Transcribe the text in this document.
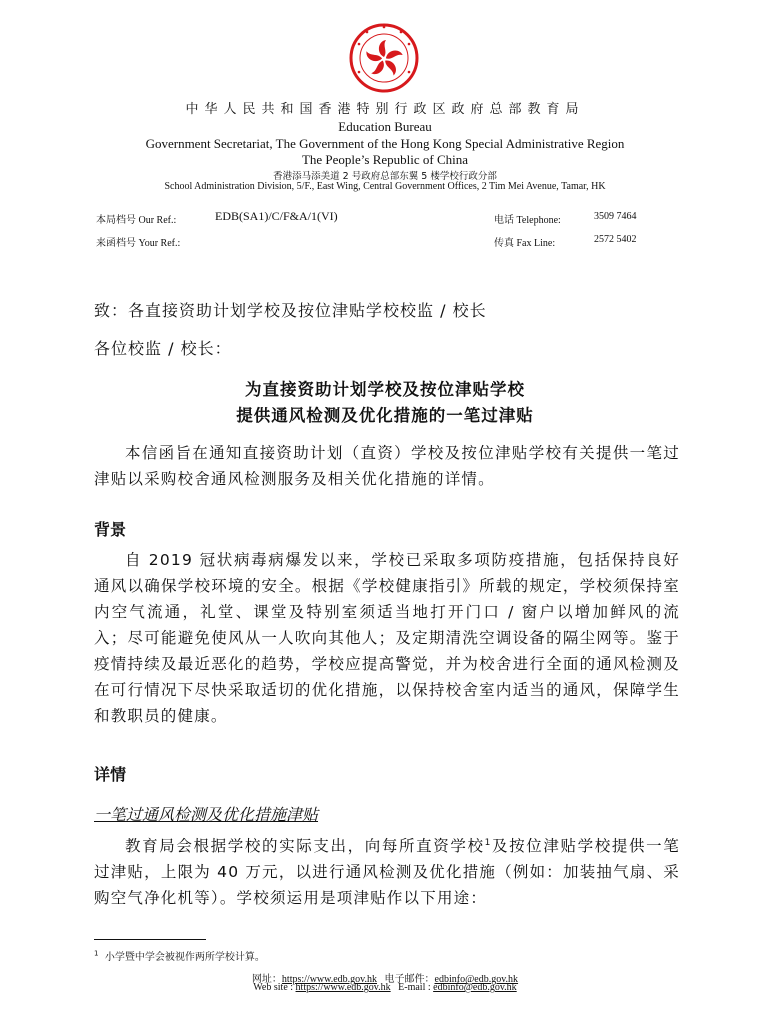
中华人民共和国香港特别行政区政府总部教育局
Education Bureau
Government Secretariat, The Government of the Hong Kong Special Administrative Region
The People’s Republic of China
香港添马添美道 2 号政府总部东翼 5 楼学校行政分部
School Administration Division, 5/F., East Wing, Central Government Offices, 2 Tim Mei Avenue, Tamar, HK
本局档号 Our Ref.:	EDB(SA1)/C/F&A/1(VI)
来函档号 Your Ref.:
电话 Telephone:	3509 7464
传真 Fax Line:	2572 5402
致：各直接资助计划学校及按位津贴学校校监 / 校长
各位校监 / 校长：
为直接资助计划学校及按位津贴学校
提供通风检测及优化措施的一笔过津贴
本信函旨在通知直接资助计划（直资）学校及按位津贴学校有关提供一笔过津贴以采购校舍通风检测服务及相关优化措施的详情。
背景
自 2019 冠状病毒病爆发以来，学校已采取多项防疫措施，包括保持良好通风以确保学校环境的安全。根据《学校健康指引》所载的规定，学校须保持室内空气流通，礼堂、课堂及特别室须适当地打开门口 / 窗户以增加鲜风的流入；尽可能避免使风从一人吹向其他人；及定期清洗空调设备的隔尘网等。鉴于疫情持续及最近恶化的趋势，学校应提高警觉，并为校舍进行全面的通风检测及在可行情况下尽快采取适切的优化措施，以保持校舍室内适当的通风，保障学生和教职员的健康。
详情
一笔过通风检测及优化措施津贴
教育局会根据学校的实际支出，向每所直资学校$^1$及按位津贴学校提供一笔过津贴，上限为 40 万元，以进行通风检测及优化措施（例如：加装抽气扇、采购空气净化机等）。学校须运用是项津贴作以下用途：
$^1$ 小学暨中学会被视作两所学校计算。
网址：https://www.edb.gov.hk 电子邮件：edbinfo@edb.gov.hk
Web site : https://www.edb.gov.hk E-mail : edbinfo@edb.gov.hk
